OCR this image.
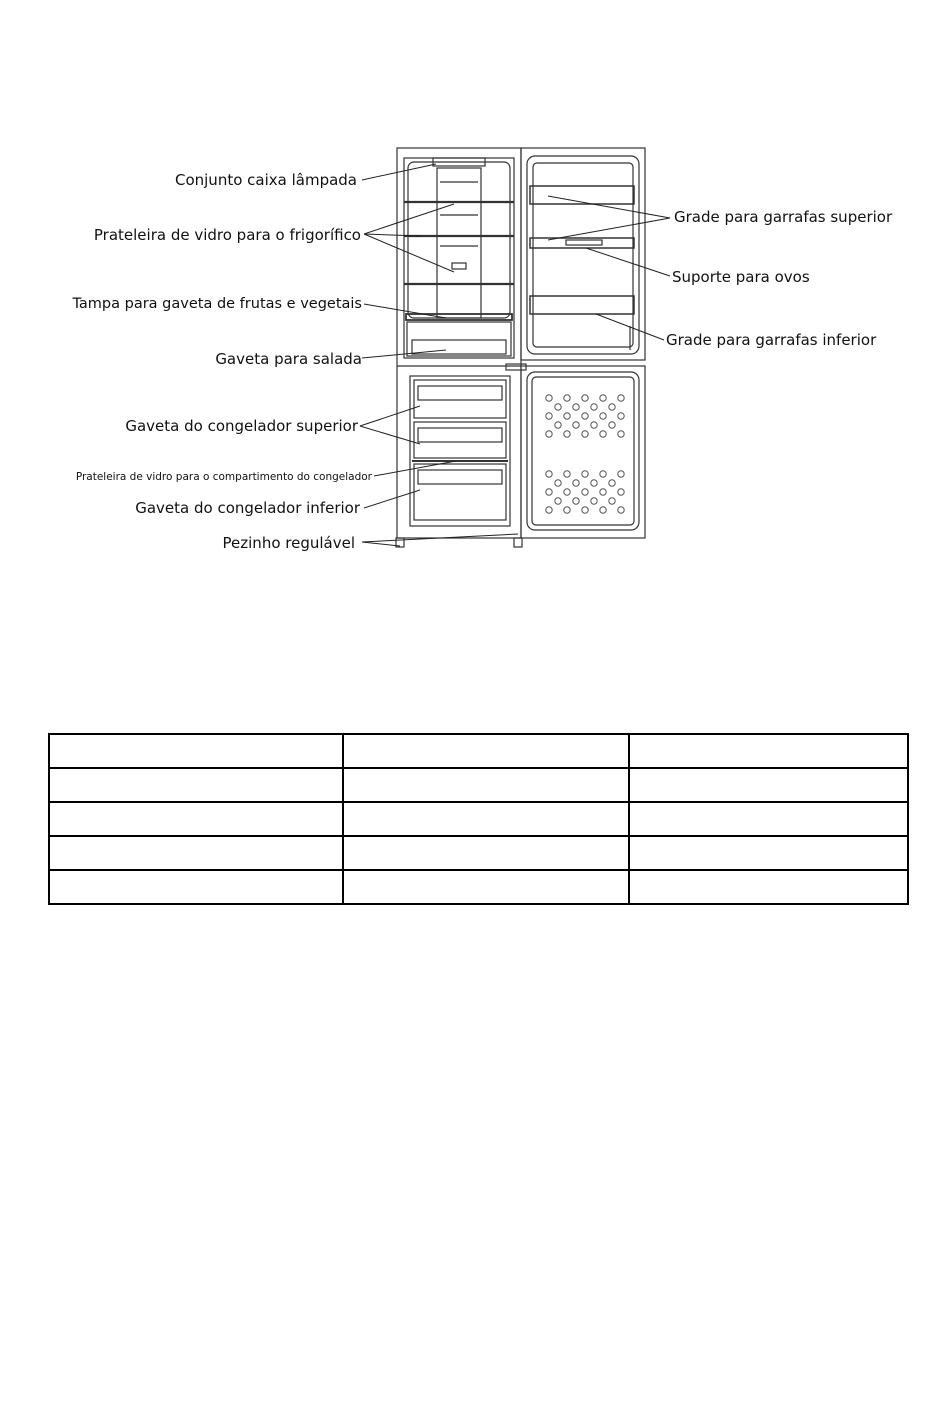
Conjunto caixa lâmpada
Prateleira de vidro para o frigorífico
Tampa para gaveta de frutas e vegetais
Gaveta para salada
Gaveta do congelador superior
Prateleira de vidro para o compartimento do congelador
Gaveta do congelador inferior
Pezinho regulável
Grade para garrafas superior
Suporte para ovos
Grade para garrafas inferior
